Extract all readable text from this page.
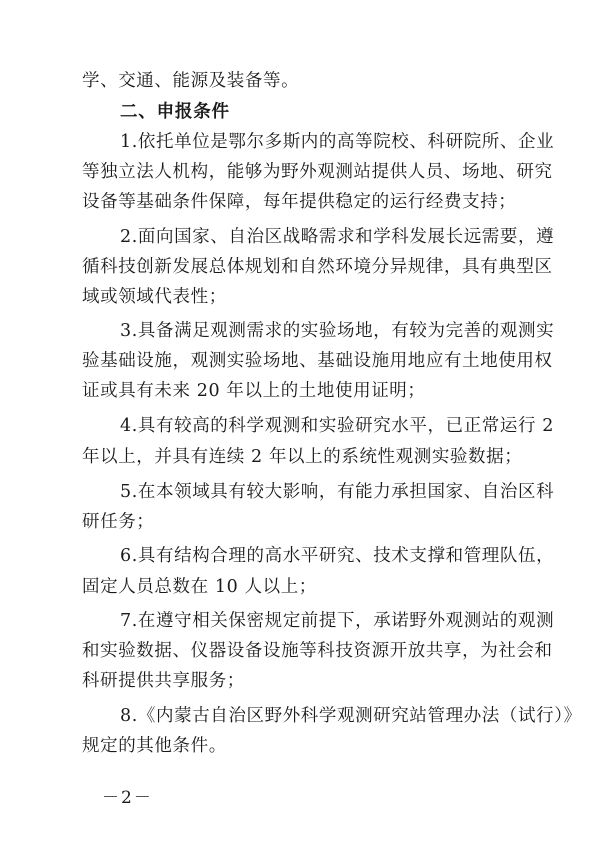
学、交通、能源及装备等。
二、申报条件
1.依托单位是鄂尔多斯内的高等院校、科研院所、企业
等独立法人机构，能够为野外观测站提供人员、场地、研究
设备等基础条件保障，每年提供稳定的运行经费支持；
2.面向国家、自治区战略需求和学科发展长远需要，遵
循科技创新发展总体规划和自然环境分异规律，具有典型区
域或领域代表性；
3.具备满足观测需求的实验场地，有较为完善的观测实
验基础设施，观测实验场地、基础设施用地应有土地使用权
证或具有未来 20 年以上的土地使用证明；
4.具有较高的科学观测和实验研究水平，已正常运行 2
年以上，并具有连续 2 年以上的系统性观测实验数据；
5.在本领域具有较大影响，有能力承担国家、自治区科
研任务；
6.具有结构合理的高水平研究、技术支撑和管理队伍，
固定人员总数在 10 人以上；
7.在遵守相关保密规定前提下，承诺野外观测站的观测
和实验数据、仪器设备设施等科技资源开放共享，为社会和
科研提供共享服务；
8.《内蒙古自治区野外科学观测研究站管理办法（试行）》
规定的其他条件。
－2－
